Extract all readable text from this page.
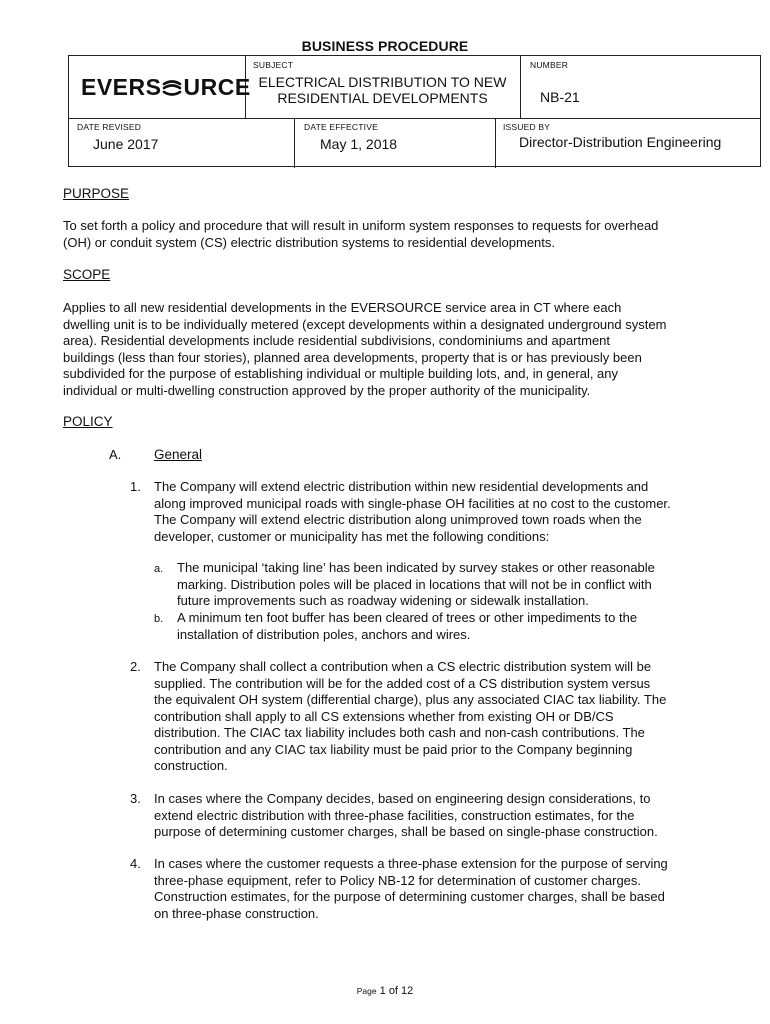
BUSINESS PROCEDURE
EVERS URCE
SUBJECT
ELECTRICAL DISTRIBUTION TO NEW
RESIDENTIAL DEVELOPMENTS
NUMBER
NB-21
DATE REVISED
June 2017
DATE EFFECTIVE
May 1, 2018
ISSUED BY
Director-Distribution Engineering
PURPOSE
To set forth a policy and procedure that will result in uniform system responses to requests for overhead
(OH) or conduit system (CS) electric distribution systems to residential developments.
SCOPE
Applies to all new residential developments in the EVERSOURCE service area in CT where each
dwelling unit is to be individually metered (except developments within a designated underground system
area). Residential developments include residential subdivisions, condominiums and apartment
buildings (less than four stories), planned area developments, property that is or has previously been
subdivided for the purpose of establishing individual or multiple building lots, and, in general, any
individual or multi-dwelling construction approved by the proper authority of the municipality.
POLICY
A. General
1. The Company will extend electric distribution within new residential developments and
along improved municipal roads with single-phase OH facilities at no cost to the customer.
The Company will extend electric distribution along unimproved town roads when the
developer, customer or municipality has met the following conditions:
a. The municipal ‘taking line’ has been indicated by survey stakes or other reasonable
marking. Distribution poles will be placed in locations that will not be in conflict with
future improvements such as roadway widening or sidewalk installation.
b. A minimum ten foot buffer has been cleared of trees or other impediments to the
installation of distribution poles, anchors and wires.
2. The Company shall collect a contribution when a CS electric distribution system will be
supplied. The contribution will be for the added cost of a CS distribution system versus
the equivalent OH system (differential charge), plus any associated CIAC tax liability. The
contribution shall apply to all CS extensions whether from existing OH or DB/CS
distribution. The CIAC tax liability includes both cash and non-cash contributions. The
contribution and any CIAC tax liability must be paid prior to the Company beginning
construction.
3. In cases where the Company decides, based on engineering design considerations, to
extend electric distribution with three-phase facilities, construction estimates, for the
purpose of determining customer charges, shall be based on single-phase construction.
4. In cases where the customer requests a three-phase extension for the purpose of serving
three-phase equipment, refer to Policy NB-12 for determination of customer charges.
Construction estimates, for the purpose of determining customer charges, shall be based
on three-phase construction.
Page 1 of 12
